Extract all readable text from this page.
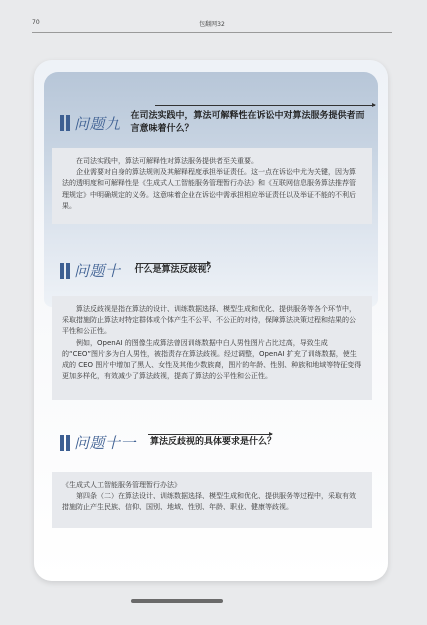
70	包翻网32
问题九 在司法实践中，算法可解释性在诉讼中对算法服务提供者而言意味着什么？

在司法实践中，算法可解释性对算法服务提供者至关重要。

企业需要对自身的算法规则及其解释程度承担举证责任。这一点在诉讼中尤为关键，因为算法的透明度和可解释性是《生成式人工智能服务管理暂行办法》和《互联网信息服务算法推荐管理规定》中明确规定的义务。这意味着企业在诉讼中需承担相应举证责任以及举证不能的不利后果。

问题十 什么是算法反歧视？

算法反歧视是指在算法的设计、训练数据选择、模型生成和优化、提供服务等各个环节中，采取措施防止算法对特定群体或个体产生不公平、不公正的对待，保障算法决策过程和结果的公平性和公正性。

例如，OpenAI 的图像生成算法曾因训练数据中白人男性图片占比过高，导致生成的“CEO”图片多为白人男性，被指责存在算法歧视。经过调整，OpenAI 扩充了训练数据，使生成的 CEO 图片中增加了黑人、女性及其他少数族裔，图片的年龄、性别、种族和地域等特征变得更加多样化，有效减少了算法歧视，提高了算法的公平性和公正性。

问题十一 算法反歧视的具体要求是什么？

《生成式人工智能服务管理暂行办法》

第四条（二）在算法设计、训练数据选择、模型生成和优化、提供服务等过程中，采取有效措施防止产生民族、信仰、国别、地域、性别、年龄、职业、健康等歧视。
